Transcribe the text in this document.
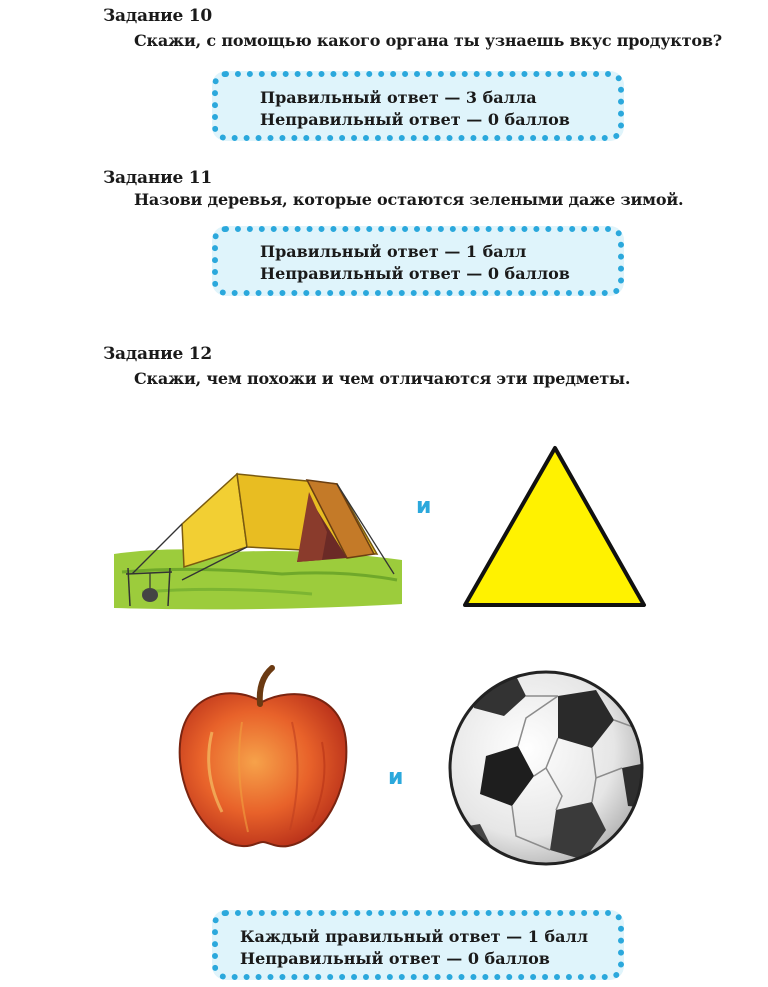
Задание 10
Скажи, с помощью какого органа ты узнаешь вкус продуктов?
Правильный ответ — 3 балла
Неправильный ответ — 0 баллов
Задание 11
Назови деревья, которые остаются зелеными даже зимой.
Правильный ответ — 1 балл
Неправильный ответ — 0 баллов
Задание 12
Скажи, чем похожи и чем отличаются эти предметы.
и
и
Каждый правильный ответ — 1 балл
Неправильный ответ — 0 баллов
